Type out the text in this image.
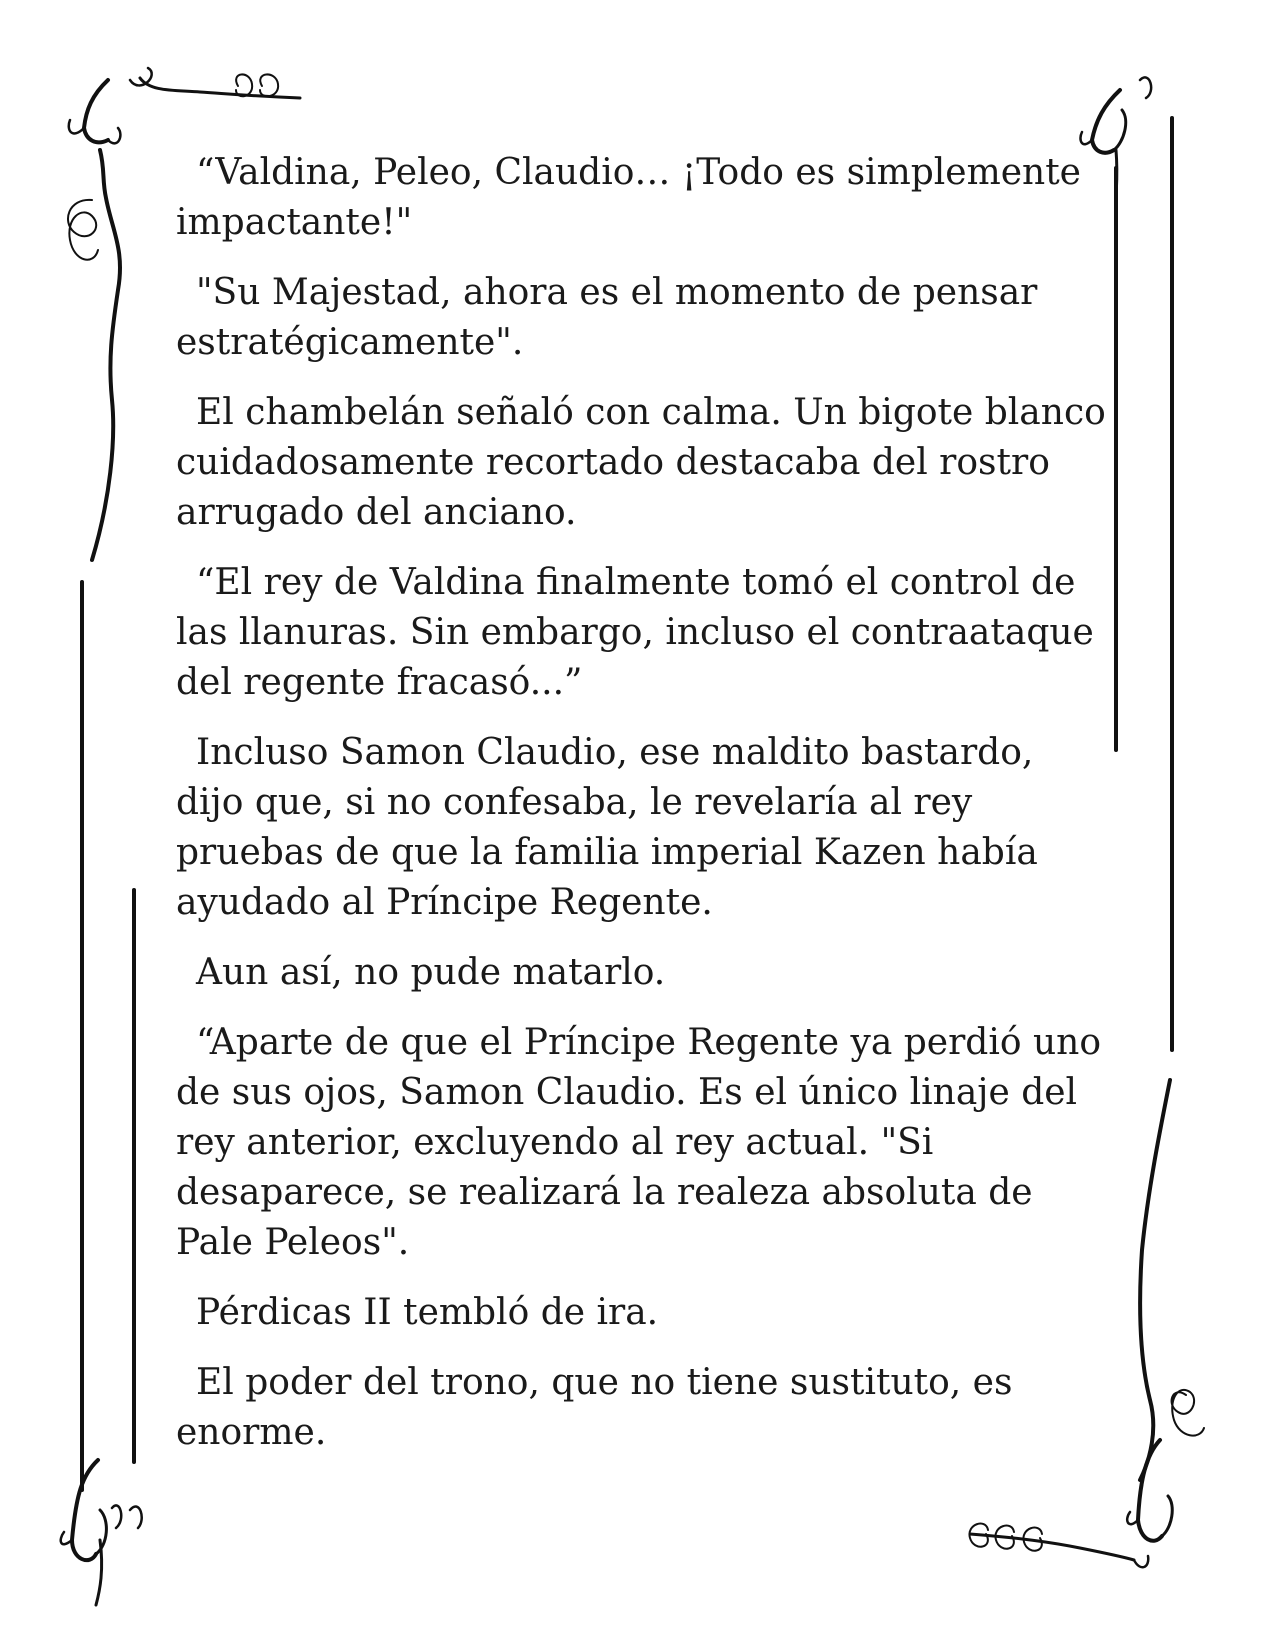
“Valdina, Peleo, Claudio… ¡Todo es simplemente impactante!"

"Su Majestad, ahora es el momento de pensar estratégicamente".

El chambelán señaló con calma. Un bigote blanco cuidadosamente recortado destacaba del rostro arrugado del anciano.

“El rey de Valdina finalmente tomó el control de las llanuras. Sin embargo, incluso el contraataque del regente fracasó...”

Incluso Samon Claudio, ese maldito bastardo, dijo que, si no confesaba, le revelaría al rey pruebas de que la familia imperial Kazen había ayudado al Príncipe Regente.

Aun así, no pude matarlo.

“Aparte de que el Príncipe Regente ya perdió uno de sus ojos, Samon Claudio. Es el único linaje del rey anterior, excluyendo al rey actual. "Si desaparece, se realizará la realeza absoluta de Pale Peleos".

Pérdicas II tembló de ira.

El poder del trono, que no tiene sustituto, es enorme.
